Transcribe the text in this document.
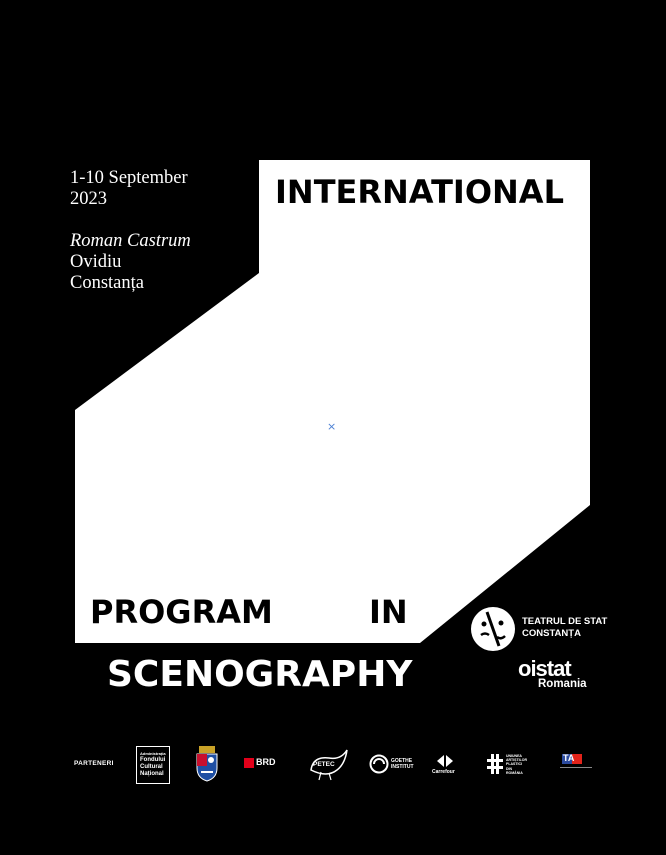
1-10 September
2023
Roman Castrum
Ovidiu
Constanța
INTERNATIONAL
PROGRAM	IN
SCENOGRAPHY
×
TEATRUL DE STAT
CONSTANȚA
oistat
Romania
PARTENERI
Administrația
Fondului
Cultural
Național
BRD	PETEC	GOETHE
INSTITUT
Carrefour
UNIUNEA
ARTIȘTILOR
PLASTICI
DIN
ROMÂNIA
TA
